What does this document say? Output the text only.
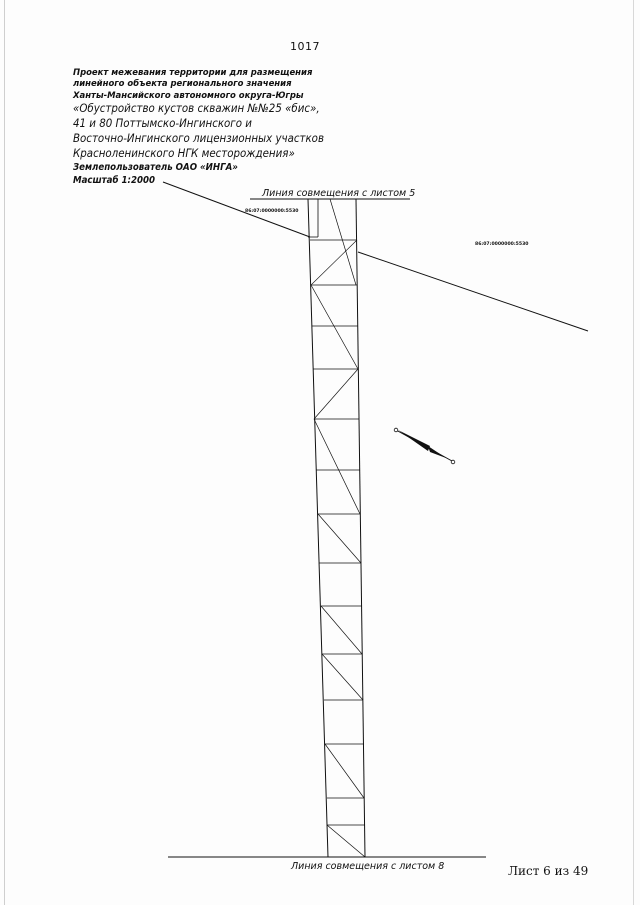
1017
Проект межевания территории для размещения
линейного объекта регионального значения
Ханты-Мансийского автономного округа-Югры
«Обустройство кустов скважин №№25 «бис»,
41 и 80 Поттымско-Ингинского и
Восточно-Ингинского лицензионных участков
Красноленинского НГК месторождения»
Землепользователь ОАО «ИНГА»
Масштаб 1:2000
Линия совмещения с листом 5
Линия совмещения с листом 8
86:07:0000000:5530
86:07:0000000:5530
Лист 6 из 49
